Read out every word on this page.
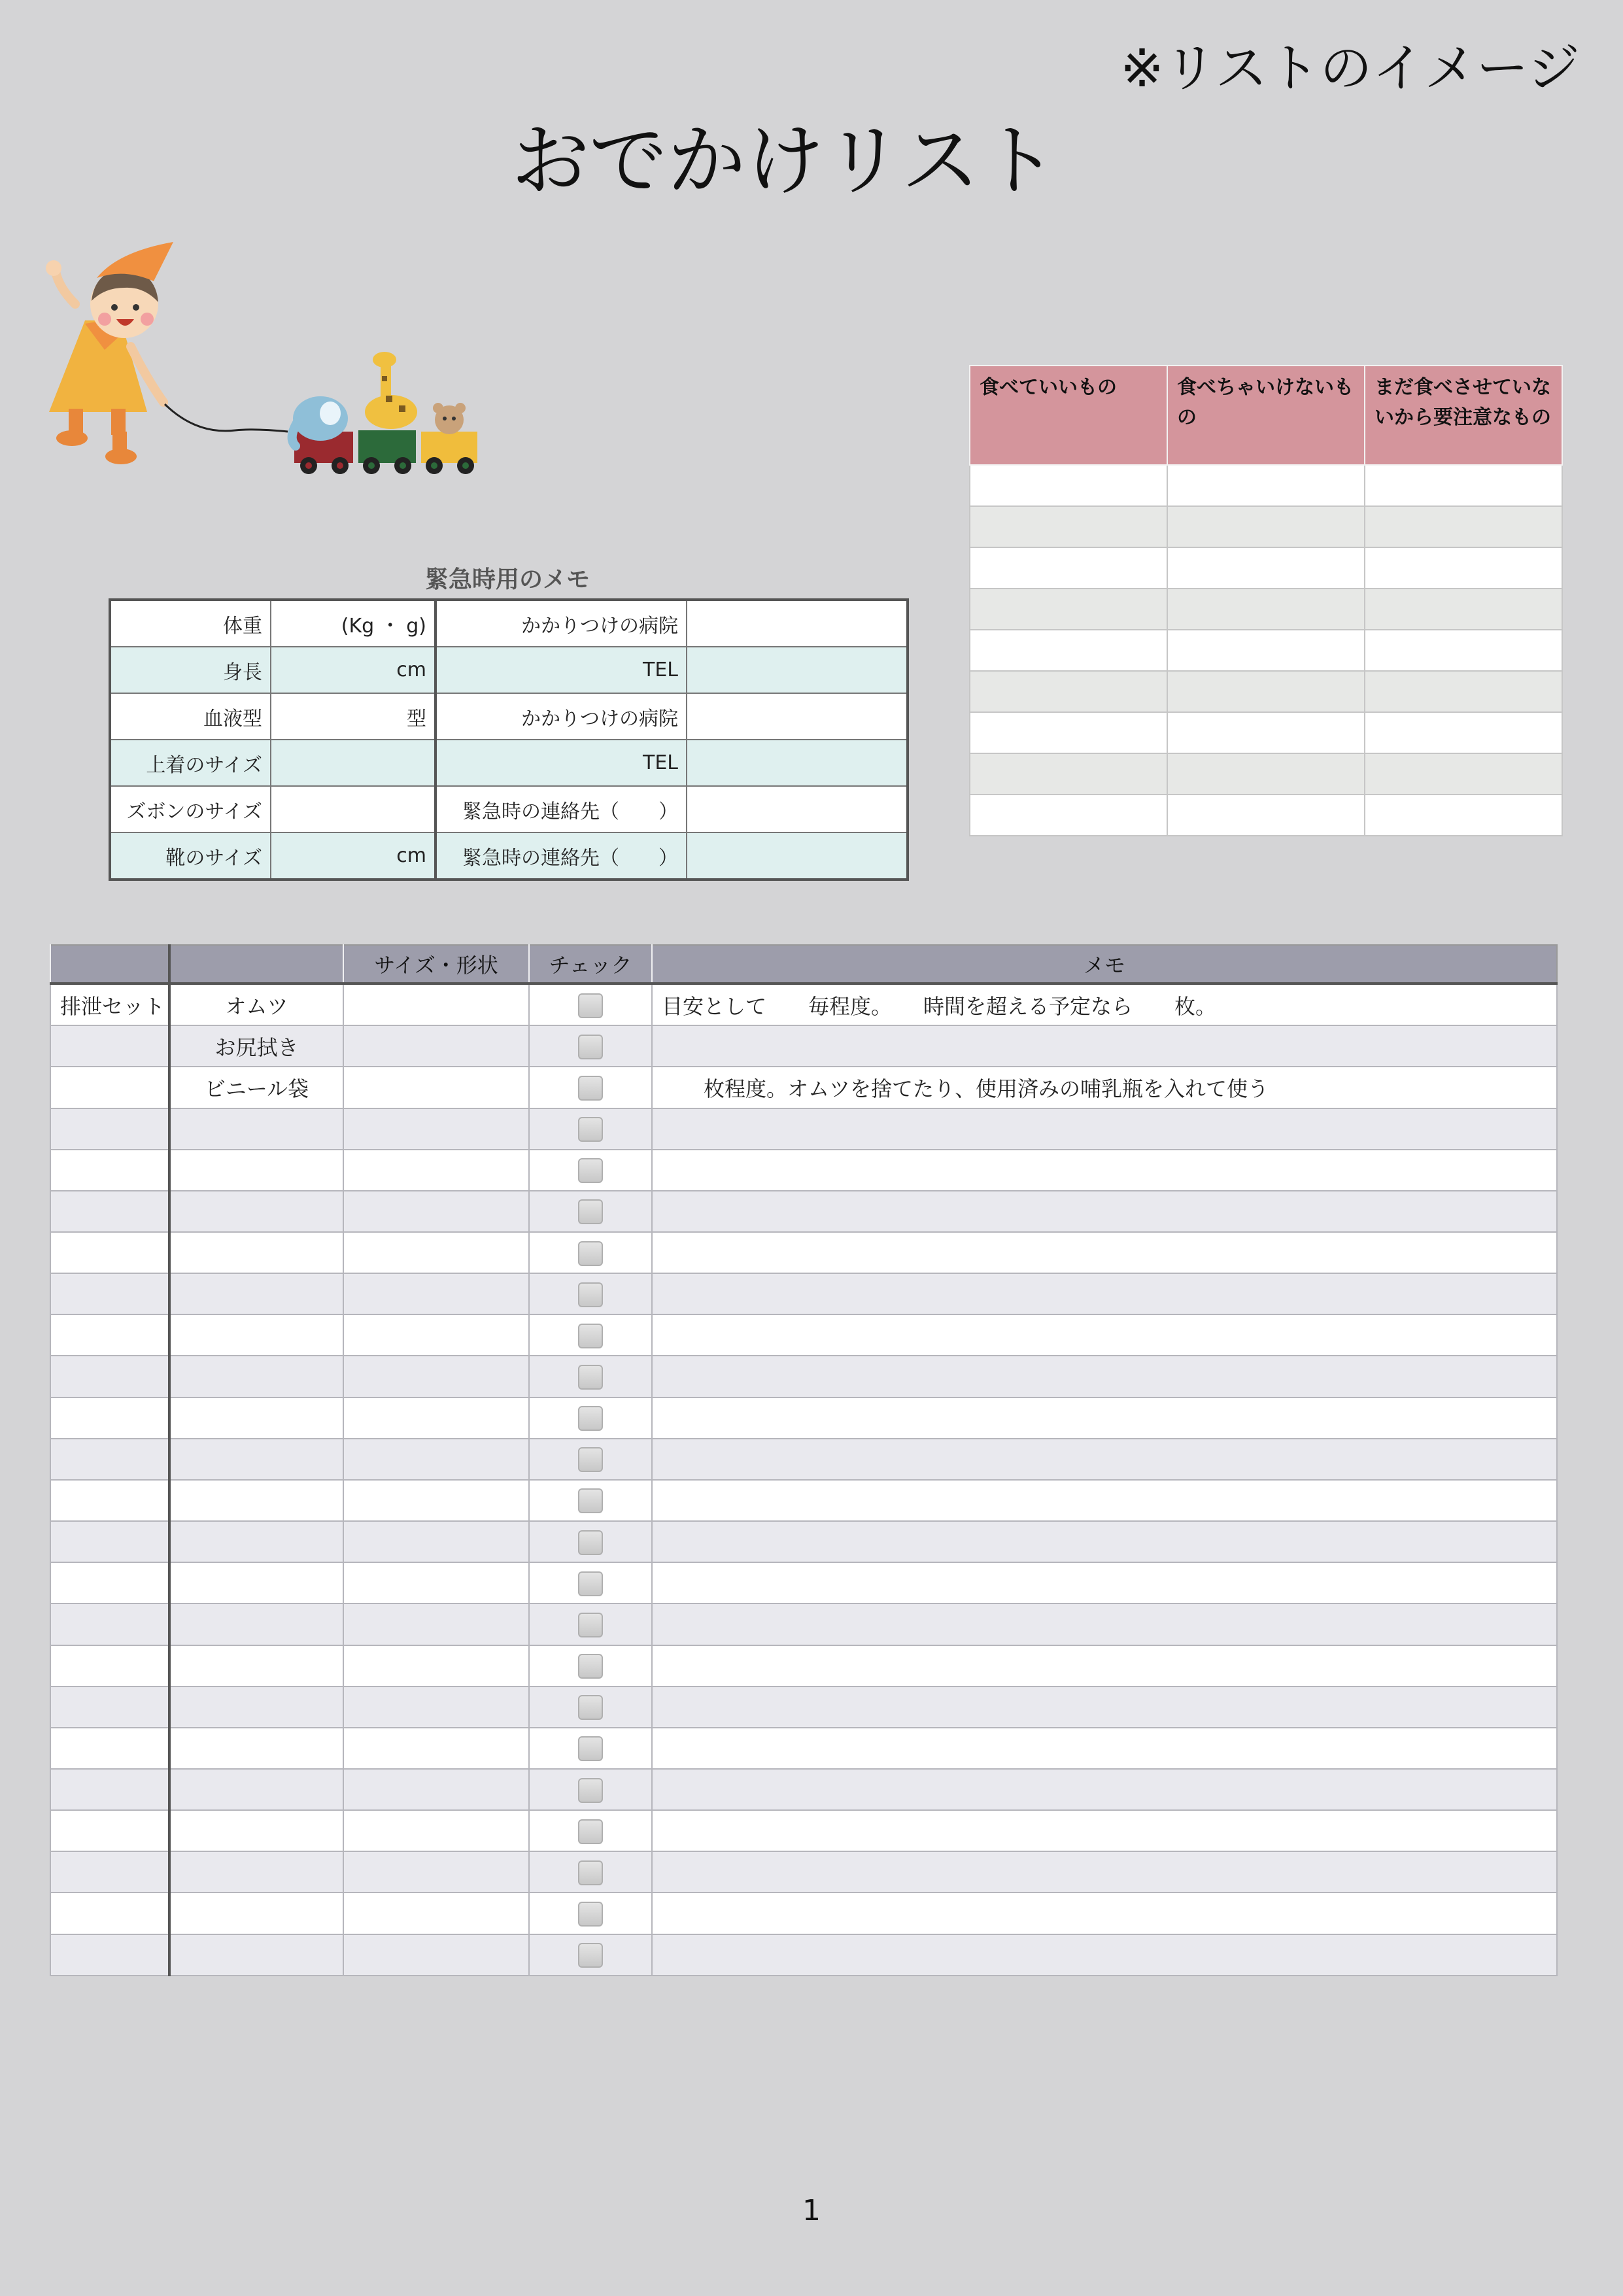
※リストのイメージ
おでかけリスト
緊急時用のメモ
体重	(Kg ・ g)	かかりつけの病院	
身長	cm	TEL	
血液型	型	かかりつけの病院	
上着のサイズ		TEL	
ズボンのサイズ		緊急時の連絡先（　　）	
靴のサイズ	cm	緊急時の連絡先（　　）	
食べていいもの	食べちゃいけないもの	まだ食べさせていないから要注意なもの

		サイズ・形状	チェック	メモ
排泄セット	オムツ			目安として　　毎程度。　　時間を超える予定なら　　枚。
	お尻拭き			
	ビニール袋			　　枚程度。オムツを捨てたり、使用済みの哺乳瓶を入れて使う

1
